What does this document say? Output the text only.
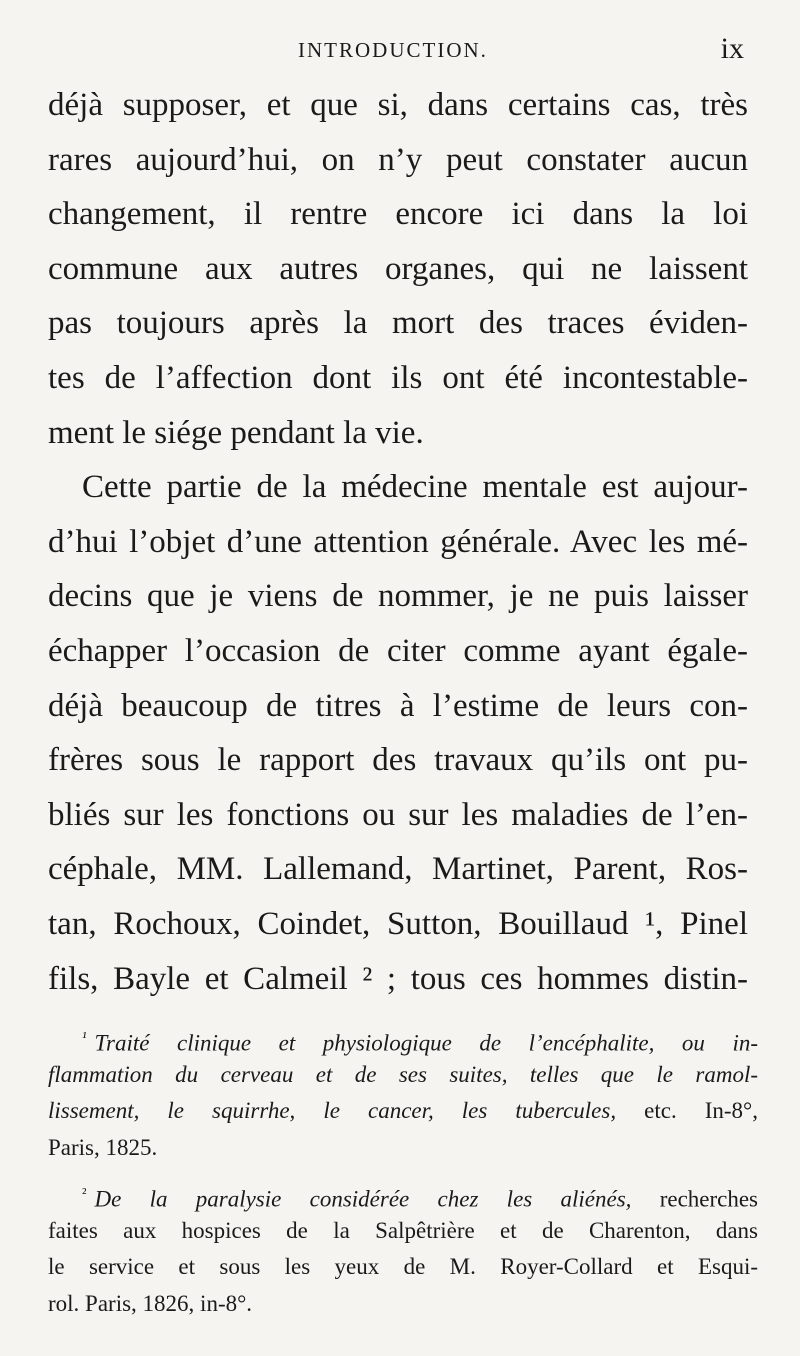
INTRODUCTION.	ix
déjà supposer, et que si, dans certains cas, très
rares aujourd’hui, on n’y peut constater aucun
changement, il rentre encore ici dans la loi
commune aux autres organes, qui ne laissent
pas toujours après la mort des traces éviden-
tes de l’affection dont ils ont été incontestable-
ment le siége pendant la vie.
Cette partie de la médecine mentale est aujour-
d’hui l’objet d’une attention générale. Avec les mé-
decins que je viens de nommer, je ne puis laisser
échapper l’occasion de citer comme ayant égale-
déjà beaucoup de titres à l’estime de leurs con-
frères sous le rapport des travaux qu’ils ont pu-
bliés sur les fonctions ou sur les maladies de l’en-
céphale, MM. Lallemand, Martinet, Parent, Ros-
tan, Rochoux, Coindet, Sutton, Bouillaud ¹, Pinel
fils, Bayle et Calmeil ² ; tous ces hommes distin-
$^{^1}$ Traité clinique et physiologique de l’encéphalite, ou in-
flammation du cerveau et de ses suites, telles que le ramol-
lissement, le squirrhe, le cancer, les tubercules, etc. In-8°,
Paris, 1825.
$^{^2}$ De la paralysie considérée chez les aliénés, recherches
faites aux hospices de la Salpêtrière et de Charenton, dans
le service et sous les yeux de M. Royer-Collard et Esqui-
rol. Paris, 1826, in-8°.
